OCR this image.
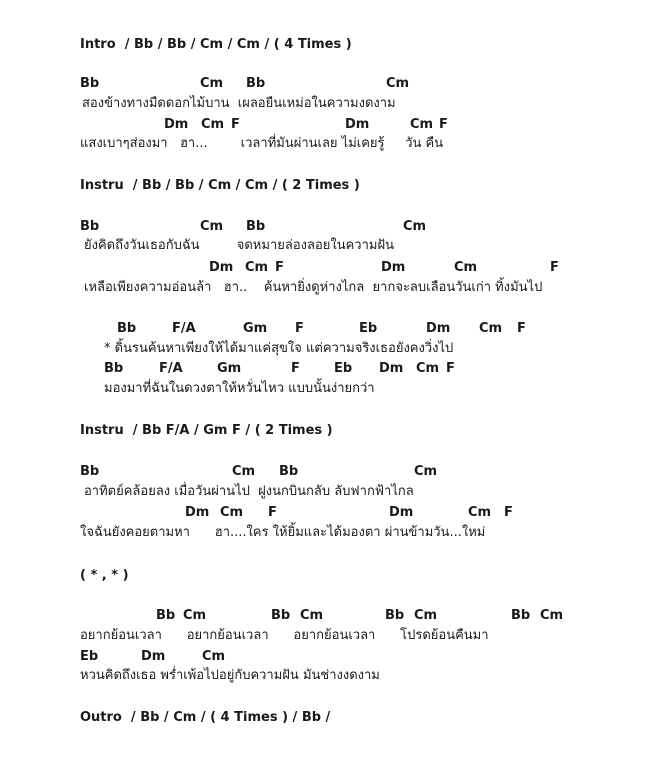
Intro  / Bb / Bb / Cm / Cm / ( 4 Times )
Bb	Cm Bb	Cm
สองข้างทางมืดดอกไม้บาน  เผลอยืนเหม่อในความงดงาม
Dm Cm F	Dm	Cm F
แสงเบาๆส่องมา   ฮา...        เวลาที่มันผ่านเลย ไม่เคยรู้     วัน คืน
Instru  / Bb / Bb / Cm / Cm / ( 2 Times )
Bb	Cm Bb	Cm
ยังคิดถึงวันเธอกับฉัน         จดหมายล่องลอยในความฝัน
Dm Cm F	Dm	Cm	F
เหลือเพียงความอ่อนล้า   ฮา..    ค้นหายิ่งดูห่างไกล  ยากจะลบเลือนวันเก่า ทิ้งมันไป
Bb	F/A	Gm F	Eb	Dm Cm F
* ดิ้นรนค้นหาเพียงให้ได้มาแค่สุขใจ แต่ความจริงเธอยังคงวิ่งไป
Bb	F/A	Gm	F	Eb Dm Cm F
มองมาที่ฉันในดวงตาให้หวั่นไหว แบบนั้นง่ายกว่า
Instru  / Bb F/A / Gm F / ( 2 Times )
Bb	Cm Bb	Cm
อาทิตย์คล้อยลง เมื่อวันผ่านไป  ฝูงนกบินกลับ ลับฟากฟ้าไกล
Dm Cm F	Dm	Cm F
ใจฉันยังคอยตามหา      ฮา....ใคร ให้ยิ้มและได้มองตา ผ่านข้ามวัน...ใหม่
( * , * )
Bb Cm	Bb Cm	Bb Cm	Bb Cm
อยากย้อนเวลา      อยากย้อนเวลา      อยากย้อนเวลา      โปรดย้อนคืนมา
Eb	Dm	Cm
หวนคิดถึงเธอ พร่ำเพ้อไปอยู่กับความฝัน มันช่างงดงาม
Outro  / Bb / Cm / ( 4 Times ) / Bb /
